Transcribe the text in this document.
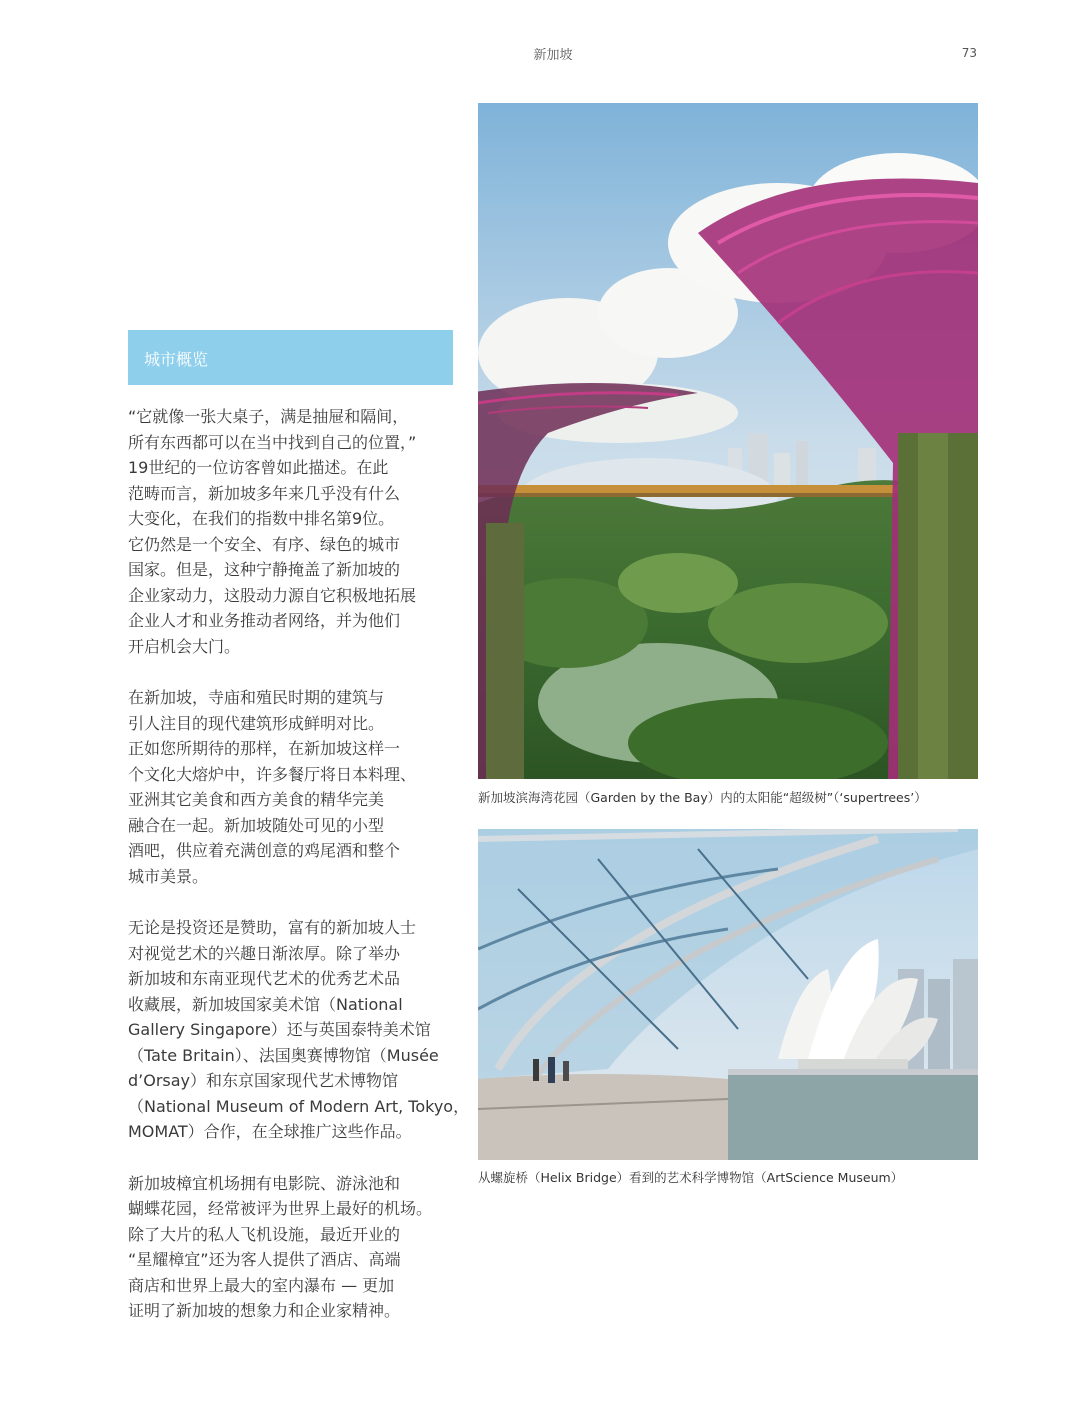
新加坡	73
城市概览

“它就像一张大桌子，满是抽屉和隔间，
所有东西都可以在当中找到自己的位置，”
19世纪的一位访客曾如此描述。在此
范畴而言，新加坡多年来几乎没有什么
大变化，在我们的指数中排名第9位。
它仍然是一个安全、有序、绿色的城市
国家。但是，这种宁静掩盖了新加坡的
企业家动力，这股动力源自它积极地拓展
企业人才和业务推动者网络，并为他们
开启机会大门。

在新加坡，寺庙和殖民时期的建筑与
引人注目的现代建筑形成鲜明对比。
正如您所期待的那样，在新加坡这样一
个文化大熔炉中，许多餐厅将日本料理、
亚洲其它美食和西方美食的精华完美
融合在一起。新加坡随处可见的小型
酒吧，供应着充满创意的鸡尾酒和整个
城市美景。

无论是投资还是赞助，富有的新加坡人士
对视觉艺术的兴趣日渐浓厚。除了举办
新加坡和东南亚现代艺术的优秀艺术品
收藏展，新加坡国家美术馆（National
Gallery Singapore）还与英国泰特美术馆
（Tate Britain）、法国奥赛博物馆（Musée
d’Orsay）和东京国家现代艺术博物馆
（National Museum of Modern Art, Tokyo，
MOMAT）合作，在全球推广这些作品。

新加坡樟宜机场拥有电影院、游泳池和
蝴蝶花园，经常被评为世界上最好的机场。
除了大片的私人飞机设施，最近开业的
“星耀樟宜”还为客人提供了酒店、高端
商店和世界上最大的室内瀑布 — 更加
证明了新加坡的想象力和企业家精神。

新加坡滨海湾花园（Garden by the Bay）内的太阳能“超级树”（‘supertrees’）
从螺旋桥（Helix Bridge）看到的艺术科学博物馆（ArtScience Museum）
